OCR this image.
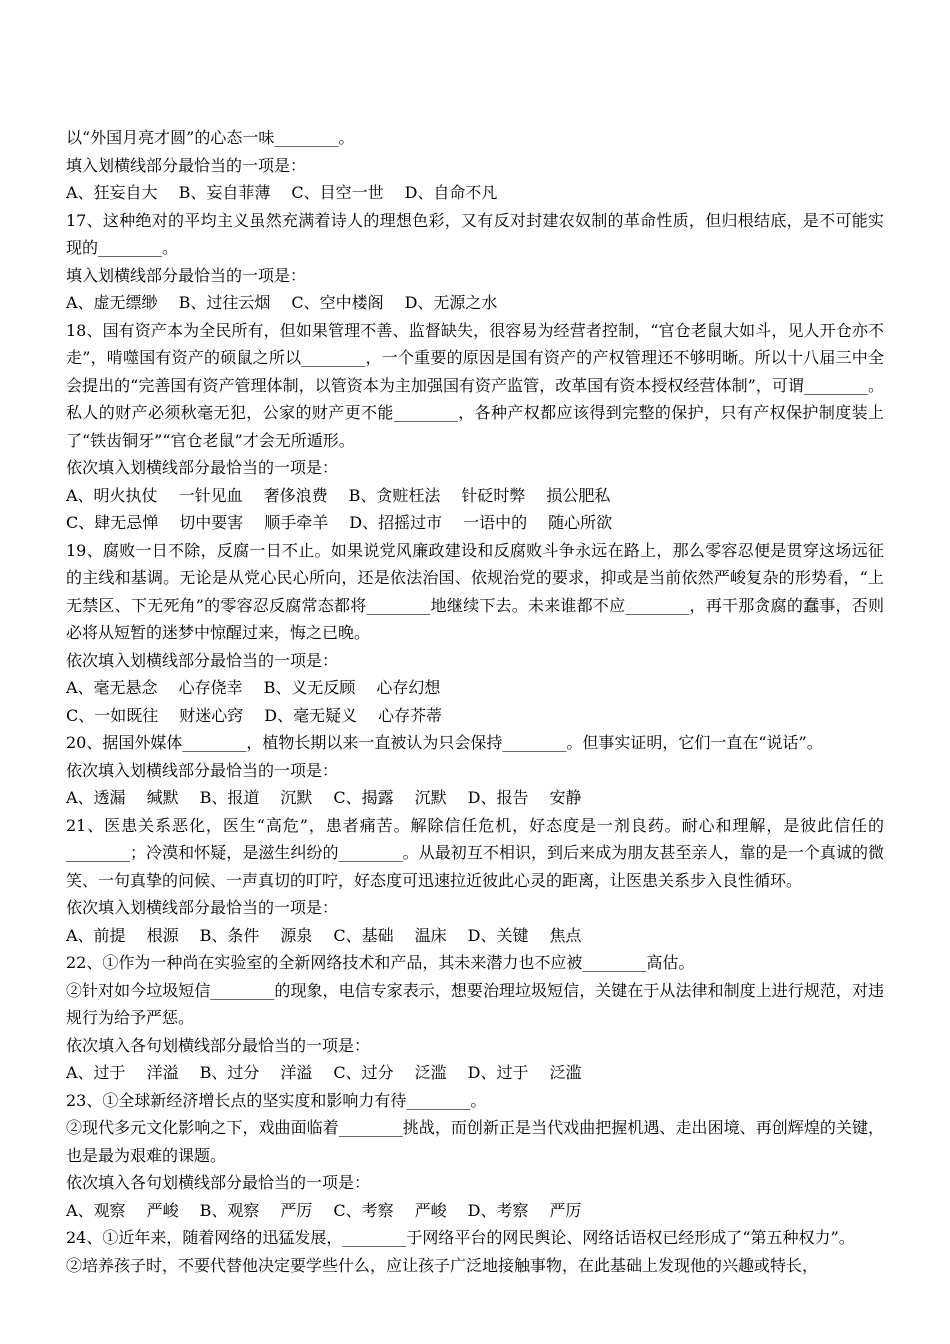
以“外国月亮才圆”的心态一味________。
填入划横线部分最恰当的一项是：
A、狂妄自大 B、妄自菲薄 C、目空一世 D、自命不凡
17、这种绝对的平均主义虽然充满着诗人的理想色彩，又有反对封建农奴制的革命性质，但归根结底，是不可能实现的________。
填入划横线部分最恰当的一项是：
A、虚无缥缈 B、过往云烟 C、空中楼阁 D、无源之水
18、国有资产本为全民所有，但如果管理不善、监督缺失，很容易为经营者控制，“官仓老鼠大如斗，见人开仓亦不走”，啃噬国有资产的硕鼠之所以________，一个重要的原因是国有资产的产权管理还不够明晰。所以十八届三中全会提出的“完善国有资产管理体制，以管资本为主加强国有资产监管，改革国有资本授权经营体制”，可谓________。私人的财产必须秋毫无犯，公家的财产更不能________，各种产权都应该得到完整的保护，只有产权保护制度装上了“铁齿铜牙”“官仓老鼠”才会无所遁形。
依次填入划横线部分最恰当的一项是：
A、明火执仗 一针见血 奢侈浪费 B、贪赃枉法 针砭时弊 损公肥私
C、肆无忌惮 切中要害 顺手牵羊 D、招摇过市 一语中的 随心所欲
19、腐败一日不除，反腐一日不止。如果说党风廉政建设和反腐败斗争永远在路上，那么零容忍便是贯穿这场远征的主线和基调。无论是从党心民心所向，还是依法治国、依规治党的要求，抑或是当前依然严峻复杂的形势看，“上无禁区、下无死角”的零容忍反腐常态都将________地继续下去。未来谁都不应________，再干那贪腐的蠢事，否则必将从短暂的迷梦中惊醒过来，悔之已晚。
依次填入划横线部分最恰当的一项是：
A、毫无悬念 心存侥幸 B、义无反顾 心存幻想
C、一如既往 财迷心窍 D、毫无疑义 心存芥蒂
20、据国外媒体________，植物长期以来一直被认为只会保持________。但事实证明，它们一直在“说话”。
依次填入划横线部分最恰当的一项是：
A、透漏 缄默 B、报道 沉默 C、揭露 沉默 D、报告 安静
21、医患关系恶化，医生“高危”，患者痛苦。解除信任危机，好态度是一剂良药。耐心和理解，是彼此信任的________；冷漠和怀疑，是滋生纠纷的________。从最初互不相识，到后来成为朋友甚至亲人，靠的是一个真诚的微笑、一句真挚的问候、一声真切的叮咛，好态度可迅速拉近彼此心灵的距离，让医患关系步入良性循环。
依次填入划横线部分最恰当的一项是：
A、前提 根源 B、条件 源泉 C、基础 温床 D、关键 焦点
22、①作为一种尚在实验室的全新网络技术和产品，其未来潜力也不应被________高估。
②针对如今垃圾短信________的现象，电信专家表示，想要治理垃圾短信，关键在于从法律和制度上进行规范，对违规行为给予严惩。
依次填入各句划横线部分最恰当的一项是：
A、过于 洋溢 B、过分 洋溢 C、过分 泛滥 D、过于 泛滥
23、①全球新经济增长点的坚实度和影响力有待________。
②现代多元文化影响之下，戏曲面临着________挑战，而创新正是当代戏曲把握机遇、走出困境、再创辉煌的关键，也是最为艰难的课题。
依次填入各句划横线部分最恰当的一项是：
A、观察 严峻 B、观察 严厉 C、考察 严峻 D、考察 严厉
24、①近年来，随着网络的迅猛发展，________于网络平台的网民舆论、网络话语权已经形成了“第五种权力”。
②培养孩子时，不要代替他决定要学些什么，应让孩子广泛地接触事物，在此基础上发现他的兴趣或特长，
